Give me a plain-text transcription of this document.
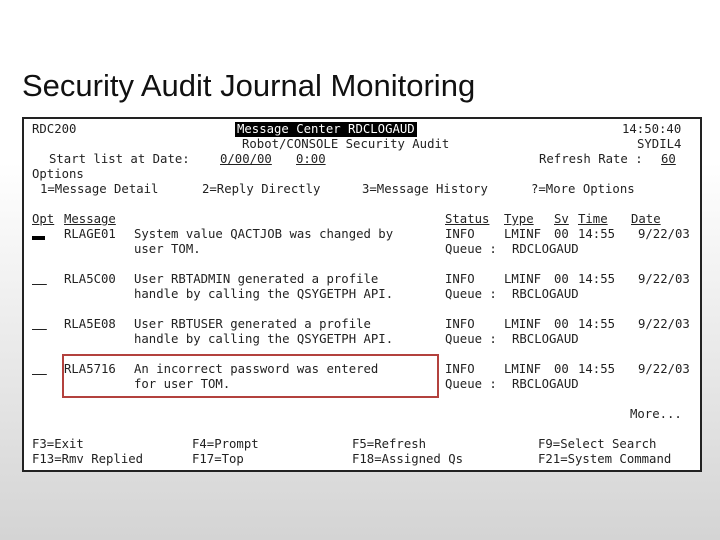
Security Audit Journal Monitoring
RDC200	Message Center RDCLOGAUD	14:50:40
Robot/CONSOLE Security Audit	SYDIL4
Start list at Date: 0/00/00 0:00	Refresh Rate : 60
Options
1=Message Detail	2=Reply Directly	3=Message History	?=More Options
Opt Message	Status	Type	Sv Time	Date
RLAGE01 System value QACTJOB was changed by	INFO LMINF 00 14:55 9/22/03
user TOM.	Queue : RDCLOGAUD

RLA5C00 User RBTADMIN generated a profile	INFO LMINF 00 14:55 9/22/03
handle by calling the QSYGETPH API.	Queue : RBCLOGAUD

RLA5E08 User RBTUSER generated a profile	INFO LMINF 00 14:55 9/22/03
handle by calling the QSYGETPH API.	Queue : RBCLOGAUD

RLA5716 An incorrect password was entered	INFO LMINF 00 14:55 9/22/03
for user TOM.	Queue : RBCLOGAUD
More...
F3=Exit	F4=Prompt	F5=Refresh	F9=Select Search
F13=Rmv Replied	F17=Top	F18=Assigned Qs	F21=System Command
